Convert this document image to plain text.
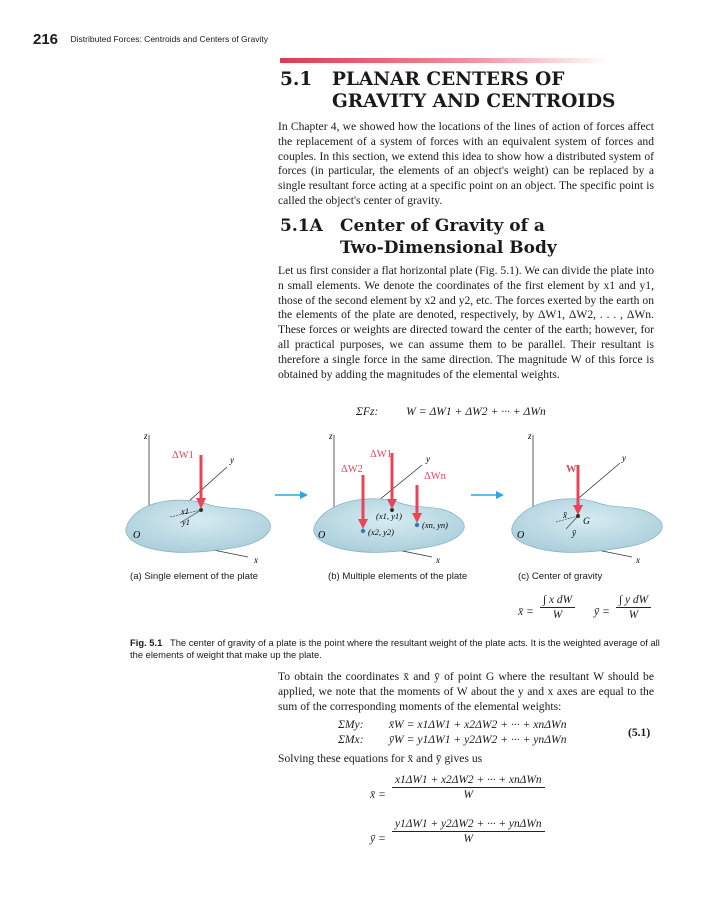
216 Distributed Forces: Centroids and Centers of Gravity
5.1 PLANAR CENTERS OF
GRAVITY AND CENTROIDS
In Chapter 4, we showed how the locations of the lines of action of forces affect the replacement of a system of forces with an equivalent system of forces and couples. In this section, we extend this idea to show how a distributed system of forces (in particular, the elements of an object's weight) can be replaced by a single resultant force acting at a specific point on an object. The specific point is called the object's center of gravity.
5.1A Center of Gravity of a
Two-Dimensional Body
Let us first consider a flat horizontal plate (Fig. 5.1). We can divide the plate into n small elements. We denote the coordinates of the first element by x1 and y1, those of the second element by x2 and y2, etc. The forces exerted by the earth on the elements of the plate are denoted, respectively, by ΔW1, ΔW2, . . . , ΔWn. These forces or weights are directed toward the center of the earth; however, for all practical purposes, we can assume them to be parallel. Their resultant is therefore a single force in the same direction. The magnitude W of this force is obtained by adding the magnitudes of the elemental weights.
ΣFz: W = ΔW1 + ΔW2 + ··· + ΔWn
ΔW1
z
y
x
O
x1
y1
ΔW1
ΔW2
ΔWn
z
y
x
O
(x1, y1)
(x2, y2)
(xn, yn)
W
z
y
x
O
G
x̄
ȳ
(a) Single element of the plate	(b) Multiple elements of the plate	(c) Center of gravity
x̄ = $\frac{\text{∫ x dW}}{W}$ ȳ = $\frac{\text{∫ y dW}}{W}$
Fig. 5.1 The center of gravity of a plate is the point where the resultant weight of the plate acts. It is the weighted average of all the elements of weight that make up the plate.
To obtain the coordinates x̄ and ȳ of point G where the resultant W should be applied, we note that the moments of W about the y and x axes are equal to the sum of the corresponding moments of the elemental weights:
ΣMy: x̄W = x1ΔW1 + x2ΔW2 + ··· + xnΔWn
ΣMx: ȳW = y1ΔW1 + y2ΔW2 + ··· + ynΔWn
(5.1)
Solving these equations for x̄ and ȳ gives us
x̄ =
x1ΔW1 + x2ΔW2 + ··· + xnΔWn
W
ȳ =
y1ΔW1 + y2ΔW2 + ··· + ynΔWn
W
